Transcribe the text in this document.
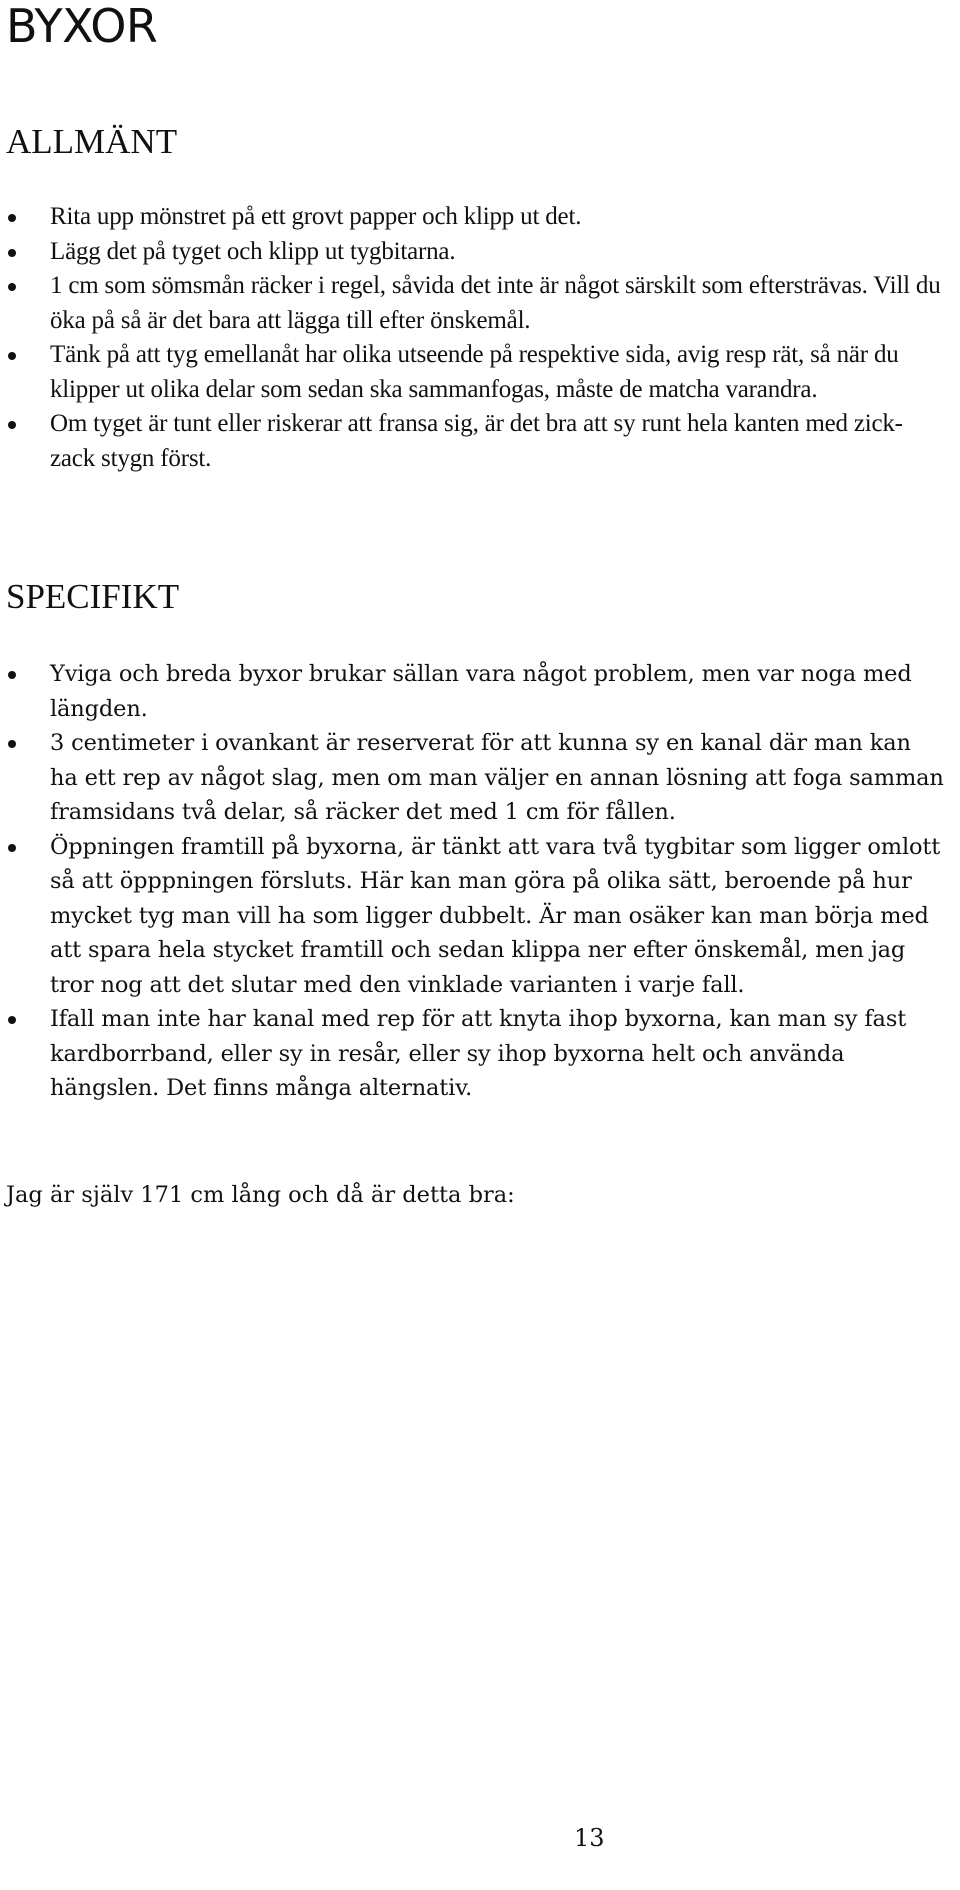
BYXOR
ALLMÄNT
Rita upp mönstret på ett grovt papper och klipp ut det.
Lägg det på tyget och klipp ut tygbitarna.
1 cm som sömsmån räcker i regel, såvida det inte är något särskilt som eftersträvas. Vill du öka på så är det bara att lägga till efter önskemål.
Tänk på att tyg emellanåt har olika utseende på respektive sida, avig resp rät, så när du klipper ut olika delar som sedan ska sammanfogas, måste de matcha varandra.
Om tyget är tunt eller riskerar att fransa sig, är det bra att sy runt hela kanten med zick-zack stygn först.
SPECIFIKT
Yviga och breda byxor brukar sällan vara något problem, men var noga med längden.
3 centimeter i ovankant är reserverat för att kunna sy en kanal där man kan ha ett rep av något slag, men om man väljer en annan lösning att foga samman framsidans två delar, så räcker det med 1 cm för fållen.
Öppningen framtill på byxorna, är tänkt att vara två tygbitar som ligger omlott så att öpppningen försluts. Här kan man göra på olika sätt, beroende på hur mycket tyg man vill ha som ligger dubbelt. Är man osäker kan man börja med att spara hela stycket framtill och sedan klippa ner efter önskemål, men jag tror nog att det slutar med den vinklade varianten i varje fall.
Ifall man inte har kanal med rep för att knyta ihop byxorna, kan man sy fast kardborrband, eller sy in resår, eller sy ihop byxorna helt och använda hängslen. Det finns många alternativ.

Jag är själv 171 cm lång och då är detta bra:

13
